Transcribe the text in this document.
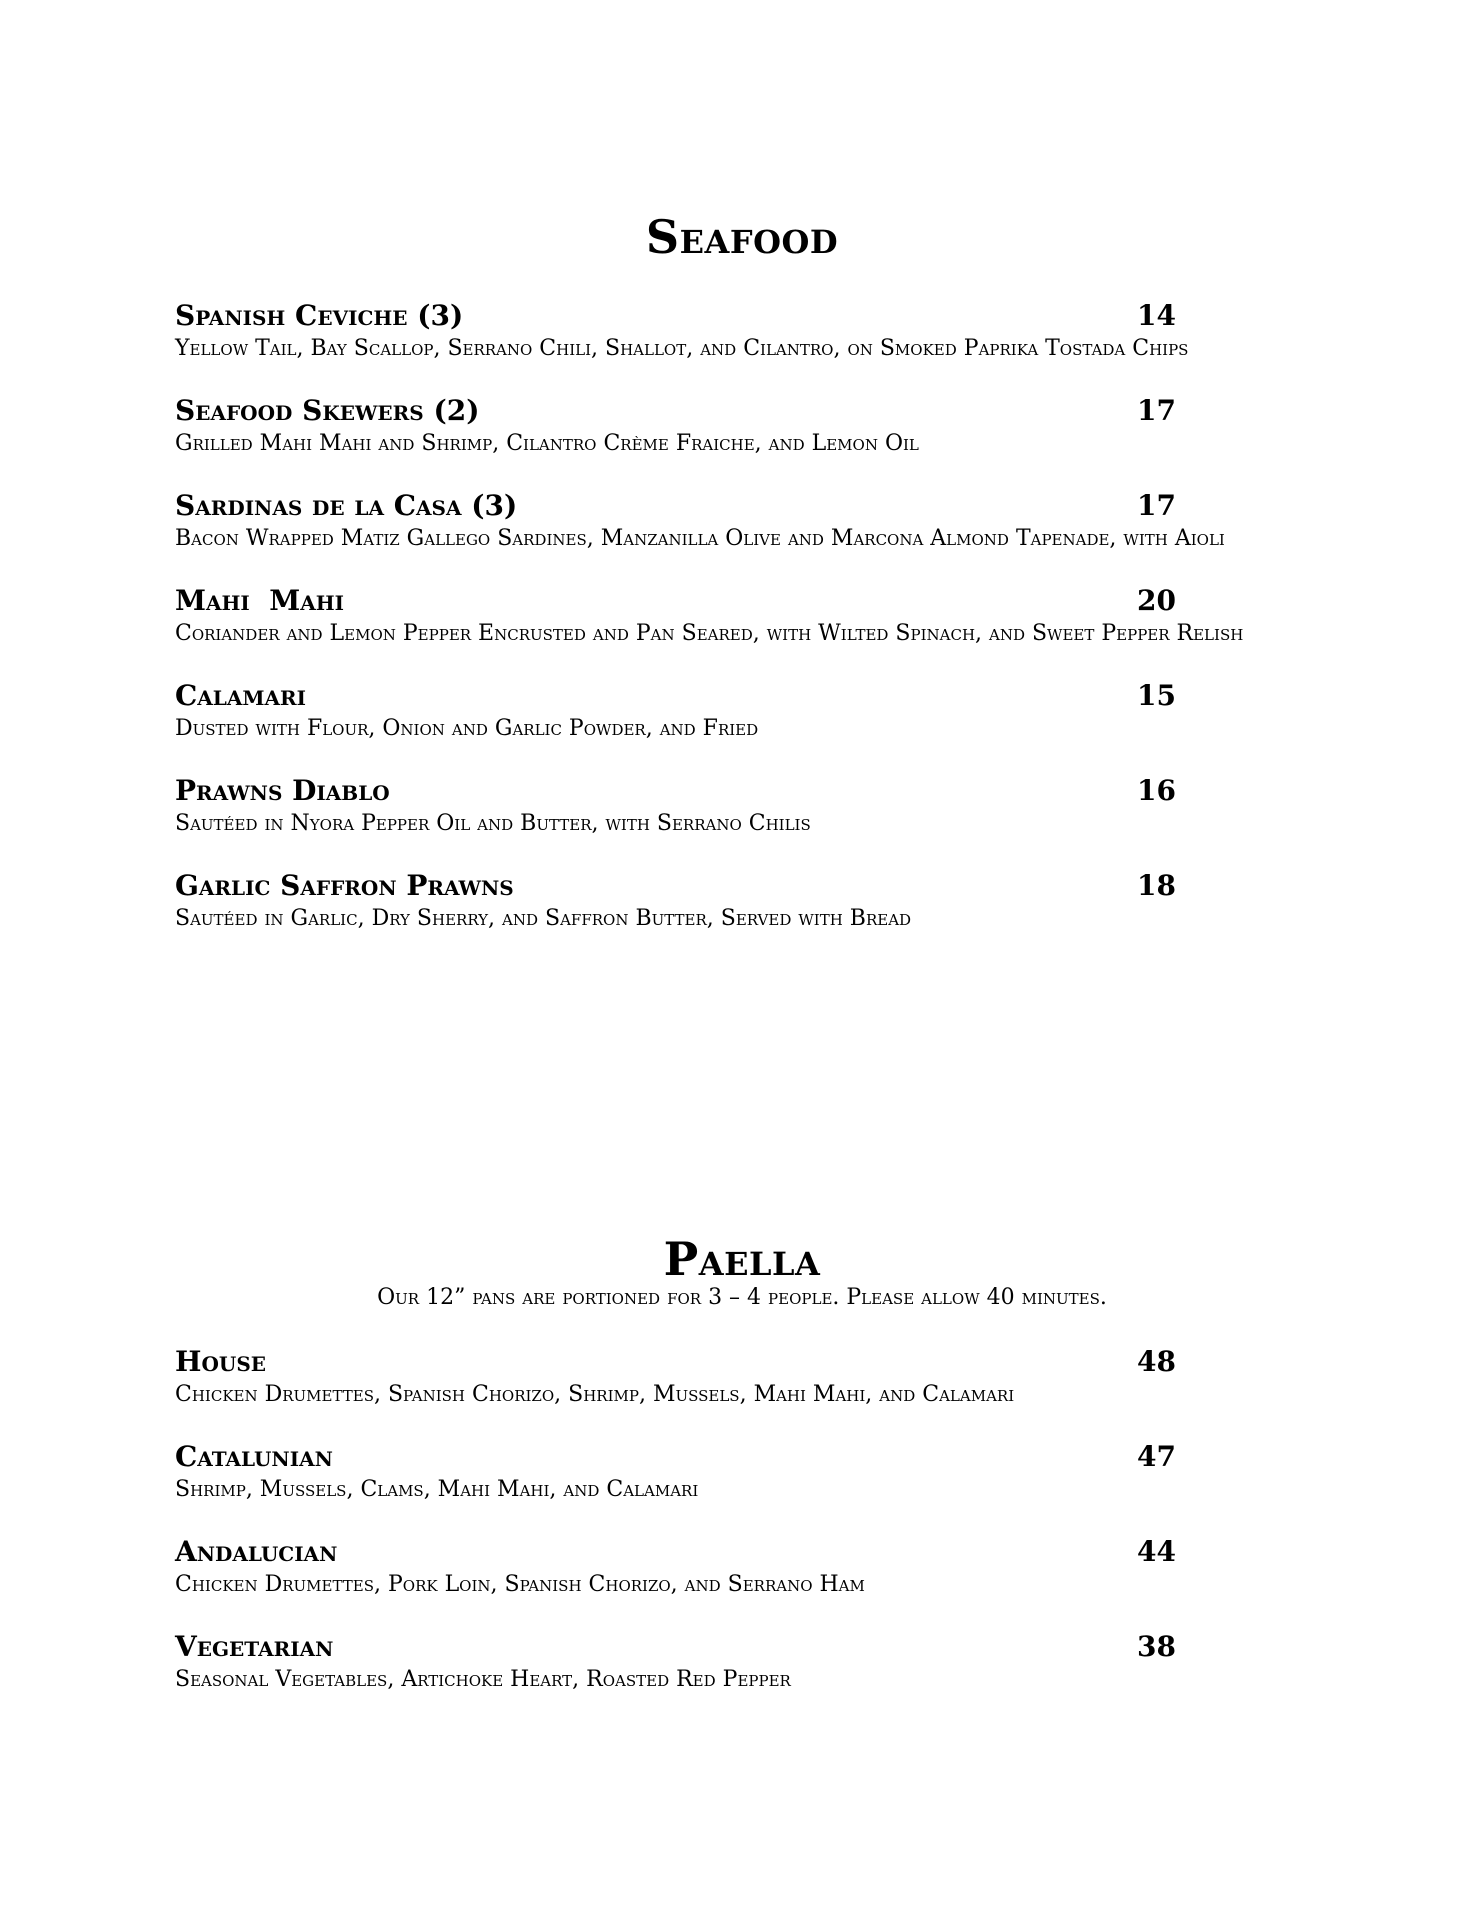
Seafood
Spanish Ceviche (3)	14
Yellow Tail, Bay Scallop, Serrano Chili, Shallot, and Cilantro, on Smoked Paprika Tostada Chips
Seafood Skewers (2)	17
Grilled Mahi Mahi and Shrimp, Cilantro Crème Fraiche, and Lemon Oil
Sardinas de la Casa (3)	17
Bacon Wrapped Matiz Gallego Sardines, Manzanilla Olive and Marcona Almond Tapenade, with Aioli
Mahi  Mahi	20
Coriander and Lemon Pepper Encrusted and Pan Seared, with Wilted Spinach, and Sweet Pepper Relish
Calamari	15
Dusted with Flour, Onion and Garlic Powder, and Fried
Prawns Diablo	16
Sautéed in Nyora Pepper Oil and Butter, with Serrano Chilis
Garlic Saffron Prawns	18
Sautéed in Garlic, Dry Sherry, and Saffron Butter, Served with Bread
Paella

Our 12” pans are portioned for 3 – 4 people. Please allow 40 minutes.

House	48
Chicken Drumettes, Spanish Chorizo, Shrimp, Mussels, Mahi Mahi, and Calamari
Catalunian	47
Shrimp, Mussels, Clams, Mahi Mahi, and Calamari
Andalucian	44
Chicken Drumettes, Pork Loin, Spanish Chorizo, and Serrano Ham
Vegetarian	38
Seasonal Vegetables, Artichoke Heart, Roasted Red Pepper
